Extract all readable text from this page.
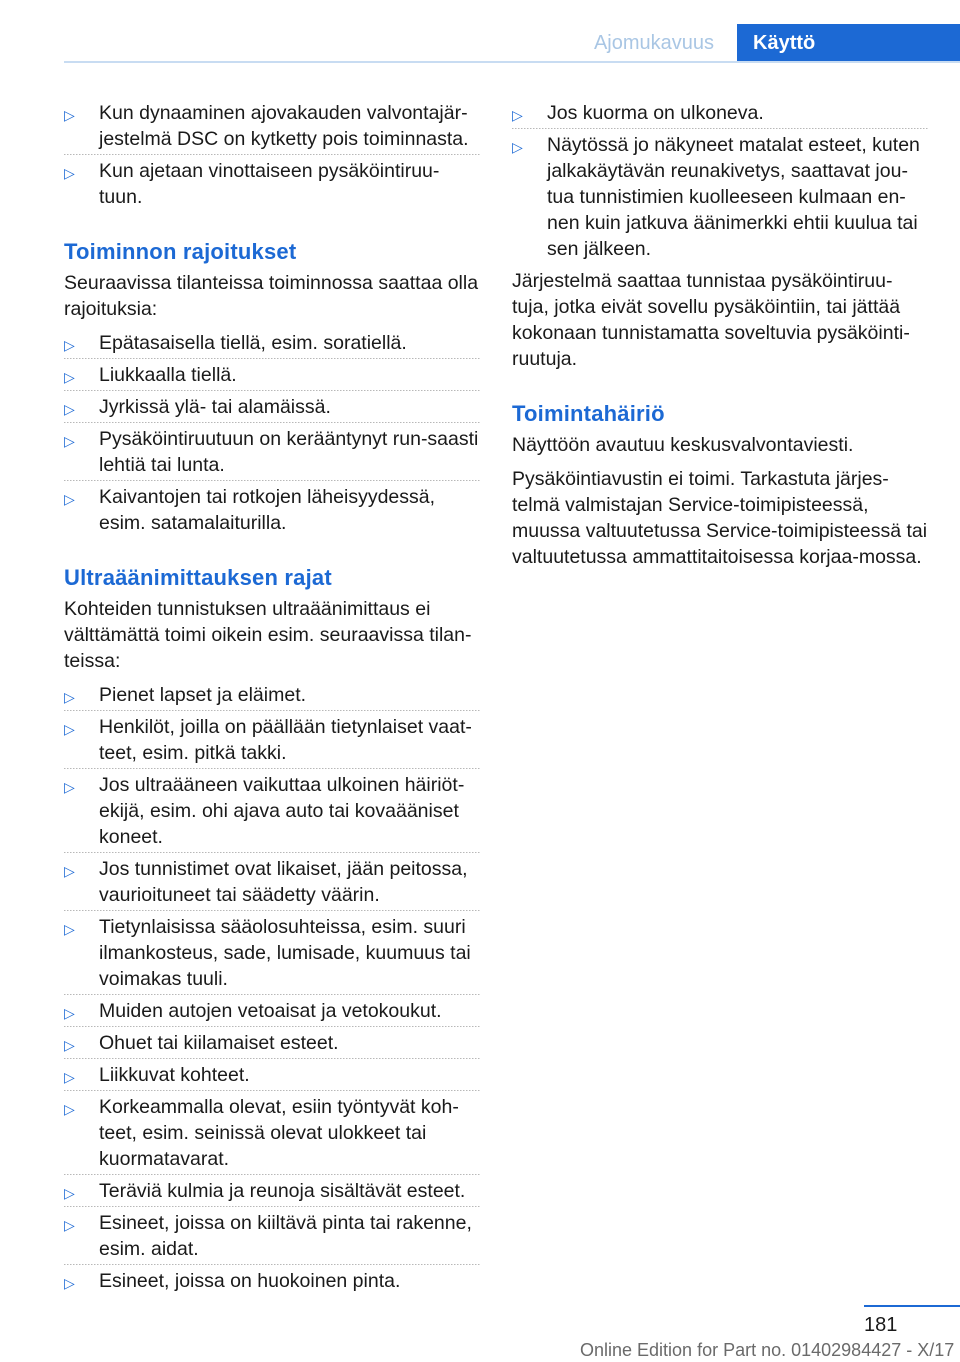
Ajomukavuus	Käyttö
▷ Kun dynaaminen ajovakauden valvontajär-jestelmä DSC on kytketty pois toiminnasta.
▷ Kun ajetaan vinottaiseen pysäköintiruu-tuun.
Toiminnon rajoitukset

Seuraavissa tilanteissa toiminnossa saattaa olla rajoituksia:

▷ Epätasaisella tiellä, esim. soratiellä.
▷ Liukkaalla tiellä.
▷ Jyrkissä ylä- tai alamäissä.
▷ Pysäköintiruutuun on kerääntynyt run-saasti lehtiä tai lunta.
▷ Kaivantojen tai rotkojen läheisyydessä, esim. satamalaiturilla.
Ultraäänimittauksen rajat

Kohteiden tunnistuksen ultraäänimittaus ei välttämättä toimi oikein esim. seuraavissa tilan-teissa:

▷ Pienet lapset ja eläimet.
▷ Henkilöt, joilla on päällään tietynlaiset vaat-teet, esim. pitkä takki.
▷ Jos ultraääneen vaikuttaa ulkoinen häiriöt-ekijä, esim. ohi ajava auto tai kovaääniset koneet.
▷ Jos tunnistimet ovat likaiset, jään peitossa, vaurioituneet tai säädetty väärin.
▷ Tietynlaisissa sääolosuhteissa, esim. suuri ilmankosteus, sade, lumisade, kuumuus tai voimakas tuuli.
▷ Muiden autojen vetoaisat ja vetokoukut.
▷ Ohuet tai kiilamaiset esteet.
▷ Liikkuvat kohteet.
▷ Korkeammalla olevat, esiin työntyvät koh-teet, esim. seinissä olevat ulokkeet tai kuormatavarat.
▷ Teräviä kulmia ja reunoja sisältävät esteet.
▷ Esineet, joissa on kiiltävä pinta tai rakenne, esim. aidat.
▷ Esineet, joissa on huokoinen pinta.
▷ Jos kuorma on ulkoneva.
▷ Näytössä jo näkyneet matalat esteet, kuten jalkakäytävän reunakivetys, saattavat jou-tua tunnistimien kuolleeseen kulmaan en-nen kuin jatkuva äänimerkki ehtii kuulua tai sen jälkeen.

Järjestelmä saattaa tunnistaa pysäköintiruu-tuja, jotka eivät sovellu pysäköintiin, tai jättää kokonaan tunnistamatta soveltuvia pysäköinti-ruutuja.

Toimintahäiriö

Näyttöön avautuu keskusvalvontaviesti.

Pysäköintiavustin ei toimi. Tarkastuta järjes-telmä valmistajan Service-toimipisteessä, muussa valtuutetussa Service-toimipisteessä tai valtuutetussa ammattitaitoisessa korjaa-mossa.

181
Online Edition for Part no. 01402984427 - X/17
